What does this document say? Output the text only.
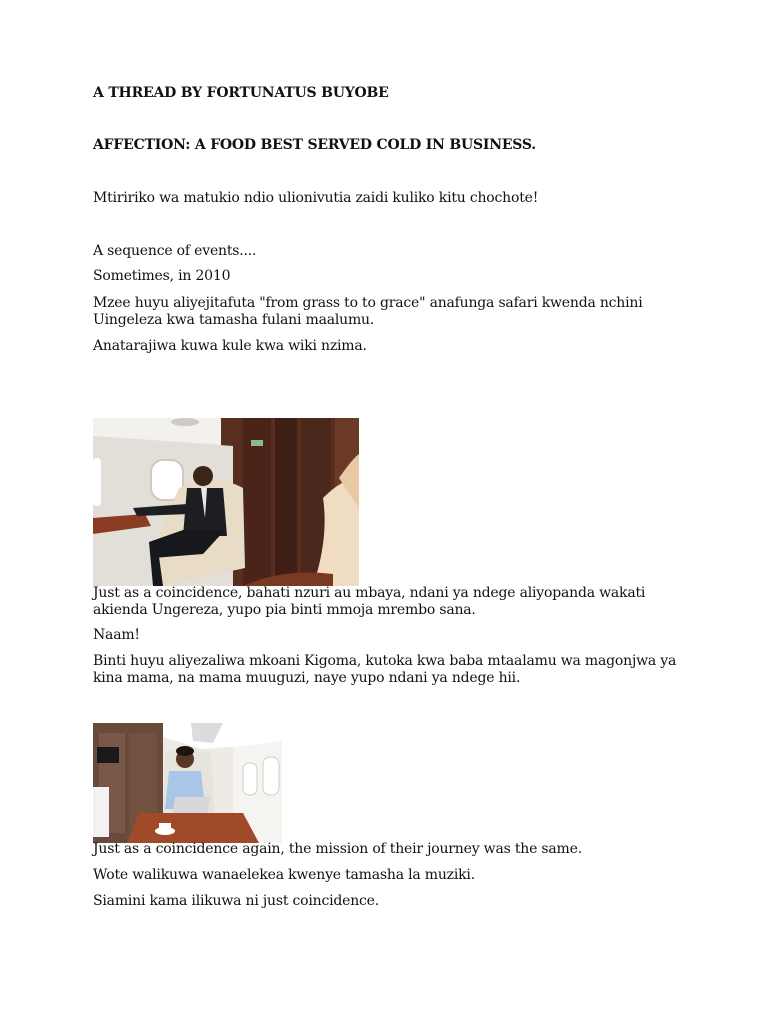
A THREAD BY FORTUNATUS BUYOBE

AFFECTION: A FOOD BEST SERVED COLD IN BUSINESS.

Mtiririko wa matukio ndio ulionivutia zaidi kuliko kitu chochote!

A sequence of events....

Sometimes, in 2010

Mzee huyu aliyejitafuta "from grass to to grace" anafunga safari kwenda nchini Uingeleza kwa tamasha fulani maalumu.

Anatarajiwa kuwa kule kwa wiki nzima.

Just as a coincidence, bahati nzuri au mbaya, ndani ya ndege aliyopanda wakati akienda Ungereza, yupo pia binti mmoja mrembo sana.

Naam!

Binti huyu aliyezaliwa mkoani Kigoma, kutoka kwa baba mtaalamu wa magonjwa ya kina mama, na mama muuguzi, naye yupo ndani ya ndege hii.

Just as a coincidence again, the mission of their journey was the same.

Wote walikuwa wanaelekea kwenye tamasha la muziki.

Siamini kama ilikuwa ni just coincidence.
